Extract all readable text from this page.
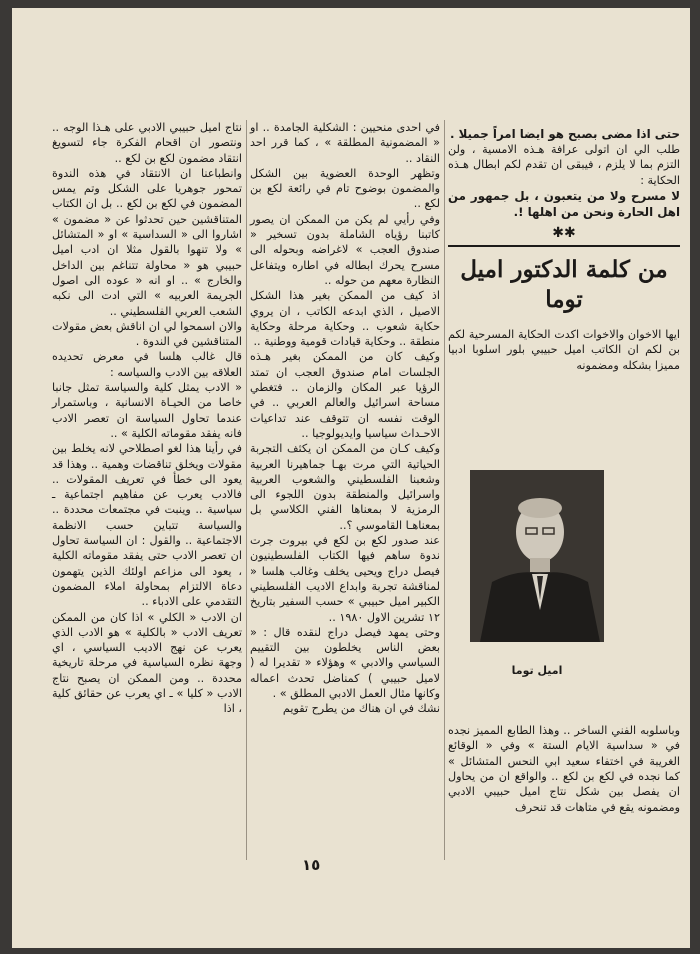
حتى اذا مضى بصبح هو ايضا امراً جميلا .

طلب الي ان اتولى عرافة هـذه الامسية ، ولن التزم بما لا يلزم ، فيبقى ان تقدم لكم ابطال هـذه الحكاية :

لا مسرح ولا من يتعبون ، بل جمهور من اهل الحارة ونحن من اهلها !.

✱✱
من كلمة الدكتور اميل توما

ايها الاخوان والاخوات اكدت الحكاية المسرحية لكم بن لكم ان الكاتب اميل حبيبي بلور اسلوبا ادبيا مميزا بشكله ومضمونه

اميل توما

وباسلوبه الفني الساخر .. وهذا الطابع المميز نجده في « سداسية الايام الستة » وفي « الوقائع الغريبة في اختفاء سعيد ابي النحس المتشائل » كما نجده في لكع بن لكع .. والواقع ان من يحاول ان يفصل بين شكل نتاج اميل حبيبي الادبي ومضمونه يقع في متاهات قد تنحرف

في احدى منحيين : الشكلية الجامدة .. او « المضمونية المطلقة » ، كما قرر احد النقاد ..

وتظهر الوحدة العضوية بين الشكل والمضمون بوضوح تام في رائعة لكع بن لكع ..

وفي رأيي لم يكن من الممكن ان يصور كاتبنا رؤياه الشاملة بدون تسخير « صندوق العجب » لاغراضه وبحوله الى مسرح يحرك ابطاله في اطاره ويتفاعل النظارة معهم من حوله ..

اذ كيف من الممكن بغير هذا الشكل الاصيل ، الذي ابدعه الكاتب ، ان يروي حكاية شعوب .. وحكاية مرحلة وحكاية منطقة .. وحكاية قيادات قومية ووطنية ..

وكيف كان من الممكن بغير هـذه الجلسات امام صندوق العجب ان تمتد الرؤيا عبر المكان والزمان .. فتغطي مساحة اسرائيل والعالم العربي .. في الوقت نفسه ان تتوقف عند تداعيات الاحـداث سياسيا وايديولوجيا ..

وكيف كـان من الممكن ان يكثف التجربة الحياتية التي مرت بهـا جماهيرنا العربية وشعبنا الفلسطيني والشعوب العربية واسرائيل والمنطقة بدون اللجوء الى الرمزية لا بمعناها الفني الكلاسي بل بمعناهـا القاموسي ؟..

عند صدور لكع بن لكع في بيروت جرت ندوة ساهم فيها الكتاب الفلسطينيون فيصل دراج ويحيى يخلف وغالب هلسا « لمناقشة تجربة وابداع الاديب الفلسطيني الكبير اميل حبيبي » حسب السفير بتاريخ ١٢ تشرين الاول ١٩٨٠ ..

وحتى يمهد فيصل دراج لنقده قال : « بعض الناس يخلطون بين التقييم السياسي والادبي » وهؤلاء « تقديرا له ( لاميل حبيبي ) كمناضل تحدث اعماله وكانها مثال العمل الادبي المطلق » .

نشك في ان هناك من يطرح تقويم

نتاج اميل حبيبي الادبي على هـذا الوجه .. ونتصور ان اقحام الفكرة جاء لتسويغ انتقاد مضمون لكع بن لكع ..

وانطباعنا ان الانتقاد في هذه الندوة تمحور جوهريا على الشكل وتم يمس المضمون في لكع بن لكع .. بل ان الكتاب المتناقشين حين تحدثوا عن « مضمون » اشاروا الى « السداسية » او « المتشائل » ولا تنهوا بالقول مثلا ان ادب اميل حبيبي هو « محاولة تتناغم بين الداخل والخارج » .. او انه « عوده الى اصول الجريمة العربيه » التي ادت الى نكبه الشعب العربي الفلسطيني ..

والان اسمحوا لي ان اناقش بعض مقولات المتناقشين في الندوة .

قال غالب هلسا في معرض تحديده العلاقه بين الادب والسياسه :

« الادب يمثل كلية والسياسة تمثل جانبا خاصا من الحيـاة الانسانية ، وباستمرار عندما تحاول السياسة ان تعصر الادب فانه يفقد مقوماته الكلية » ..

في رأينا هذا لغو اصطلاحي لانه يخلط بين مقولات ويخلق تناقضات وهمية .. وهذا قد يعود الى خطأ في تعريف المقولات .. فالادب يعرب عن مفاهيم اجتماعية ـ سياسية .. وينبت في مجتمعات محددة .. والسياسة تتباين حسب الانظمة الاجتماعية .. والقول : ان السياسة تحاول ان تعصر الادب حتى يفقد مقوماته الكلية ، يعود الى مزاعم اولئك الذين يتهمون دعاة الالتزام بمحاولة املاء المضمون التقدمي على الادباء ..

ان الادب « الكلي » اذا كان من الممكن تعريف الادب « بالكلية » هو الادب الذي يعرب عن نهج الاديب السياسي ، اي وجهة نظره السياسية في مرحلة تاريخية محددة .. ومن الممكن ان يصبح نتاج الادب « كليا » ـ اي يعرب عن حقائق كلية ، اذا

١٥
